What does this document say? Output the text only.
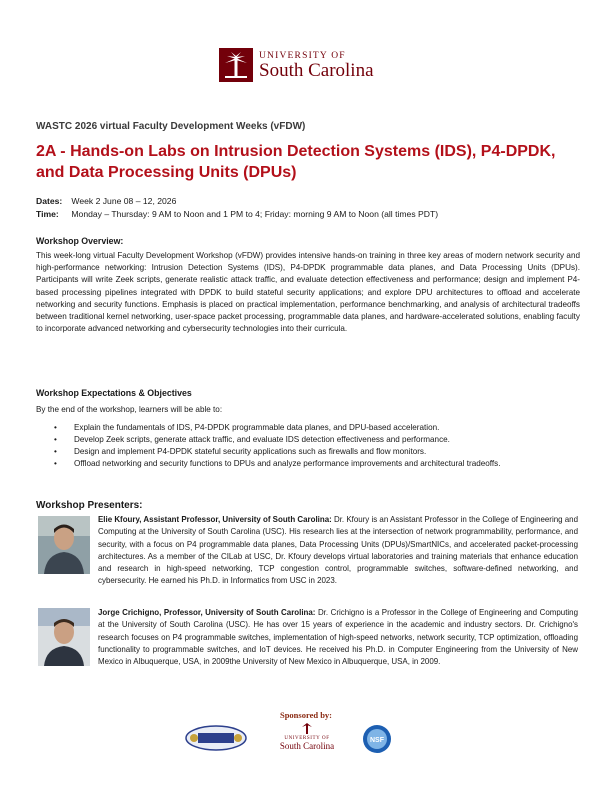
UNIVERSITY OF
South Carolina
WASTC 2026 virtual Faculty Development Weeks (vFDW)
2A - Hands-on Labs on Intrusion Detection Systems (IDS), P4-DPDK, and Data Processing Units (DPUs)
Dates: Week 2 June 08 – 12, 2026
Time: Monday – Thursday: 9 AM to Noon and 1 PM to 4; Friday: morning 9 AM to Noon (all times PDT)
Workshop Overview:

This week-long virtual Faculty Development Workshop (vFDW) provides intensive hands-on training in three key areas of modern network security and high-performance networking: Intrusion Detection Systems (IDS), P4-DPDK programmable data planes, and Data Processing Units (DPUs). Participants will write Zeek scripts, generate realistic attack traffic, and evaluate detection effectiveness and performance; design and implement P4-based processing pipelines integrated with DPDK to build stateful security applications; and explore DPU architectures to offload and accelerate networking and security functions. Emphasis is placed on practical implementation, performance benchmarking, and analysis of architectural tradeoffs between traditional kernel networking, user-space packet processing, programmable data planes, and hardware-accelerated solutions, enabling faculty to incorporate advanced networking and cybersecurity technologies into their curricula.

Workshop Expectations & Objectives

By the end of the workshop, learners will be able to:

• Explain the fundamentals of IDS, P4-DPDK programmable data planes, and DPU-based acceleration.
• Develop Zeek scripts, generate attack traffic, and evaluate IDS detection effectiveness and performance.
• Design and implement P4-DPDK stateful security applications such as firewalls and flow monitors.
• Offload networking and security functions to DPUs and analyze performance improvements and architectural tradeoffs.
Workshop Presenters:

Elie Kfoury, Assistant Professor, University of South Carolina: Dr. Kfoury is an Assistant Professor in the College of Engineering and Computing at the University of South Carolina (USC). His research lies at the intersection of network programmability, performance, and security, with a focus on P4 programmable data planes, Data Processing Units (DPUs)/SmartNICs, and accelerated packet-processing architectures. As a member of the CILab at USC, Dr. Kfoury develops virtual laboratories and training materials that enhance education and research in high-speed networking, TCP congestion control, programmable switches, software-defined networking, and cybersecurity. He earned his Ph.D. in Informatics from USC in 2023.

Jorge Crichigno, Professor, University of South Carolina: Dr. Crichigno is a Professor in the College of Engineering and Computing at the University of South Carolina (USC). He has over 15 years of experience in the academic and industry sectors. Dr. Crichigno's research focuses on P4 programmable switches, implementation of high-speed networks, network security, TCP optimization, offloading functionality to programmable switches, and IoT devices. He received his Ph.D. in Computer Engineering from the University of New Mexico in Albuquerque, USA, in 2009the University of New Mexico in Albuquerque, USA, in 2009.

Sponsored by:
UNIVERSITY OF
South Carolina
NSF
